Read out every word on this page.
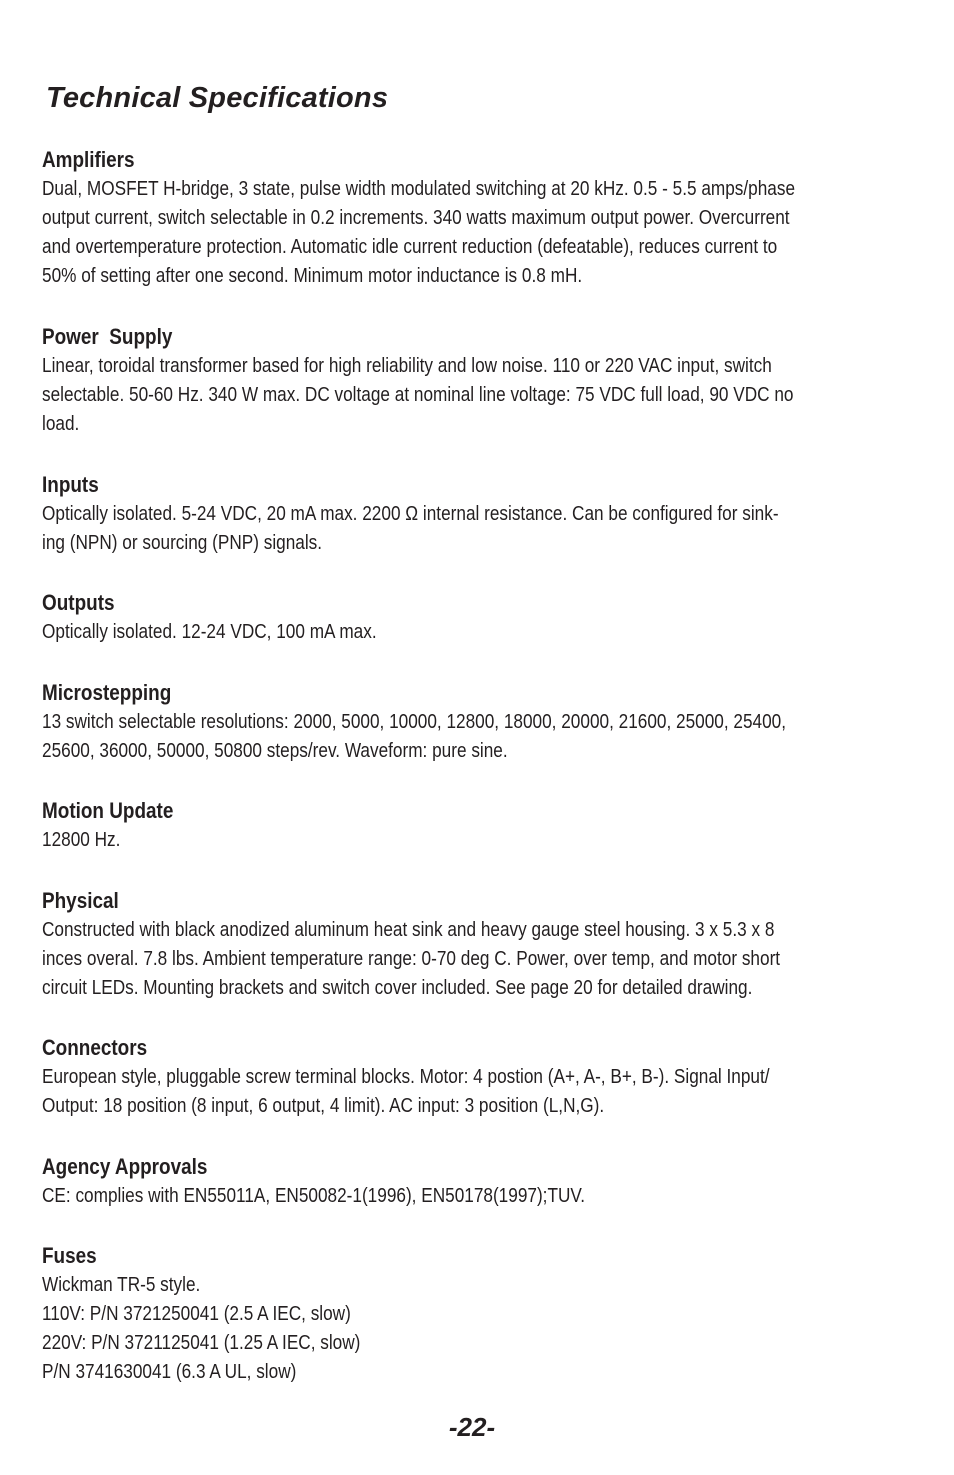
Technical Specifications
Amplifiers

Dual, MOSFET H-bridge, 3 state, pulse width modulated switching at 20 kHz. 0.5 - 5.5 amps/phase
output current, switch selectable in 0.2 increments. 340 watts maximum output power. Overcurrent
and overtemperature protection. Automatic idle current reduction (defeatable), reduces current to
50% of setting after one second. Minimum motor inductance is 0.8 mH.

Power  Supply

Linear, toroidal transformer based for high reliability and low noise. 110 or 220 VAC input, switch
selectable. 50-60 Hz. 340 W max. DC voltage at nominal line voltage: 75 VDC full load, 90 VDC no
load.

Inputs

Optically isolated. 5-24 VDC, 20 mA max. 2200 Ω internal resistance. Can be configured for sink-
ing (NPN) or sourcing (PNP) signals.

Outputs

Optically isolated. 12-24 VDC, 100 mA max.

Microstepping

13 switch selectable resolutions: 2000, 5000, 10000, 12800, 18000, 20000, 21600, 25000, 25400,
25600, 36000, 50000, 50800 steps/rev. Waveform: pure sine.

Motion Update

12800 Hz.

Physical

Constructed with black anodized aluminum heat sink and heavy gauge steel housing. 3 x 5.3 x 8
inces overal. 7.8 lbs. Ambient temperature range: 0-70 deg C. Power, over temp, and motor short
circuit LEDs. Mounting brackets and switch cover included. See page 20 for detailed drawing.

Connectors

European style, pluggable screw terminal blocks. Motor: 4 postion (A+, A-, B+, B-). Signal Input/
Output: 18 position (8 input, 6 output, 4 limit). AC input: 3 position (L,N,G).

Agency Approvals

CE: complies with EN55011A, EN50082-1(1996), EN50178(1997);TUV.

Fuses

Wickman TR-5 style.
110V: P/N 3721250041 (2.5 A IEC, slow)
220V: P/N 3721125041 (1.25 A IEC, slow)
P/N 3741630041 (6.3 A UL, slow)

-22-
